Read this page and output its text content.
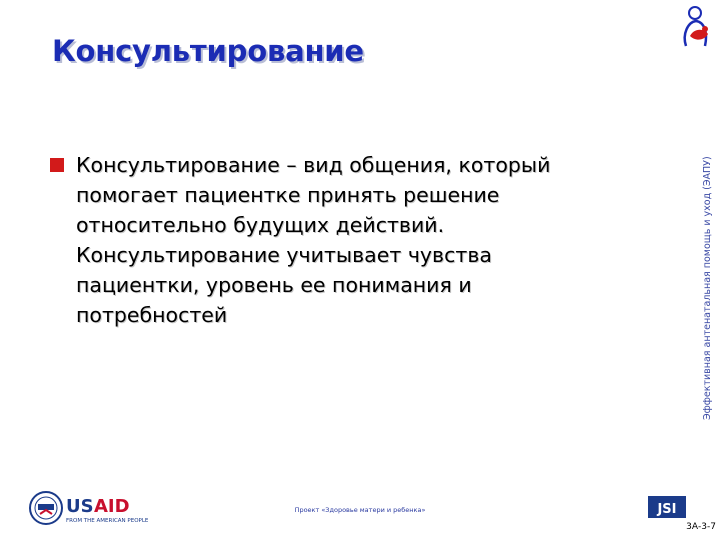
Консультирование
Консультирование – вид общения, который
помогает пациентке принять решение
относительно будущих действий.
Консультирование учитывает чувства
пациентки, уровень ее понимания и
потребностей	Эффективная антенатальная помощь и уход (ЭАПУ)
US AID
FROM THE AMERICAN PEOPLE
Проект «Здоровье матери и ребенка»	JSI
3А-3-7
